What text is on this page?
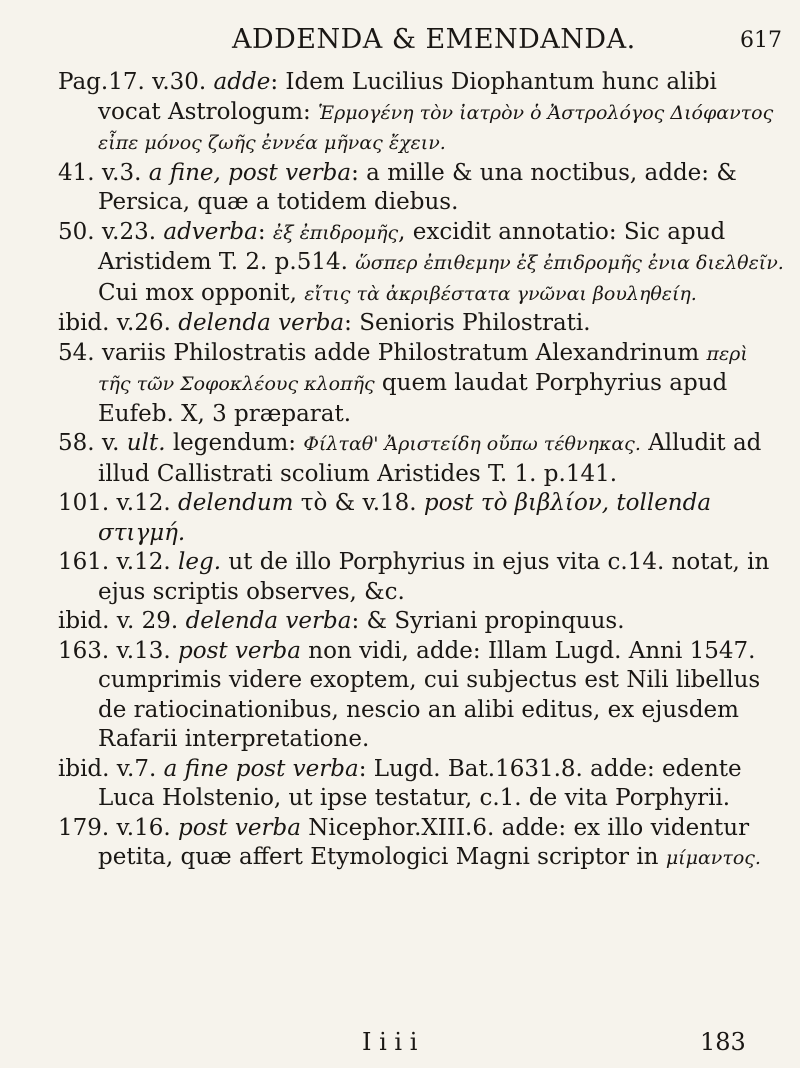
ADDENDA & EMENDANDA.	617

Pag.17. v.30. adde: Idem Lucilius Diophantum hunc alibi vocat Astrologum: Ἑρμογένη τὸν ἰατρὸν ὁ Ἀστρολόγος Διόφαντος εἶπε μόνος ζωῆς ἐννέα μῆνας ἔχειν.

41. v.3. a fine, post verba: a mille & una noctibus, adde: & Persica, quæ a totidem diebus.

50. v.23. adverba: ἐξ ἐπιδρομῆς, excidit annotatio: Sic apud Aristidem T. 2. p.514. ὥσπερ ἐπιθεμην ἐξ ἐπιδρομῆς ἐνια διελθεῖν. Cui mox opponit, εἴτις τὰ ἀκριβέστατα γνῶναι βουληθείη.

ibid. v.26. delenda verba: Senioris Philostrati.

54. variis Philostratis adde Philostratum Alexandrinum περὶ τῆς τῶν Σοφοκλέους κλοπῆς quem laudat Porphyrius apud Eufeb. X, 3 præparat.

58. v. ult. legendum: Φίλταθ' Ἀριστείδη οὔπω τέθνηκας. Alludit ad illud Callistrati scolium Aristides T. 1. p.141.

101. v.12. delendum τὸ & v.18. post τὸ βιβλίον, tollenda στιγμή.

161. v.12. leg. ut de illo Porphyrius in ejus vita c.14. notat, in ejus scriptis observes, &c.

ibid. v. 29. delenda verba: & Syriani propinquus.

163. v.13. post verba non vidi, adde: Illam Lugd. Anni 1547. cumprimis videre exoptem, cui subjectus est Nili libellus de ratiocinationibus, nescio an alibi editus, ex ejusdem Rafarii interpretatione.

ibid. v.7. a fine post verba: Lugd. Bat.1631.8. adde: edente Luca Holstenio, ut ipse testatur, c.1. de vita Porphyrii.

179. v.16. post verba Nicephor.XIII.6. adde: ex illo videntur petita, quæ affert Etymologici Magni scriptor in μίμαντος.

I i i i	183
